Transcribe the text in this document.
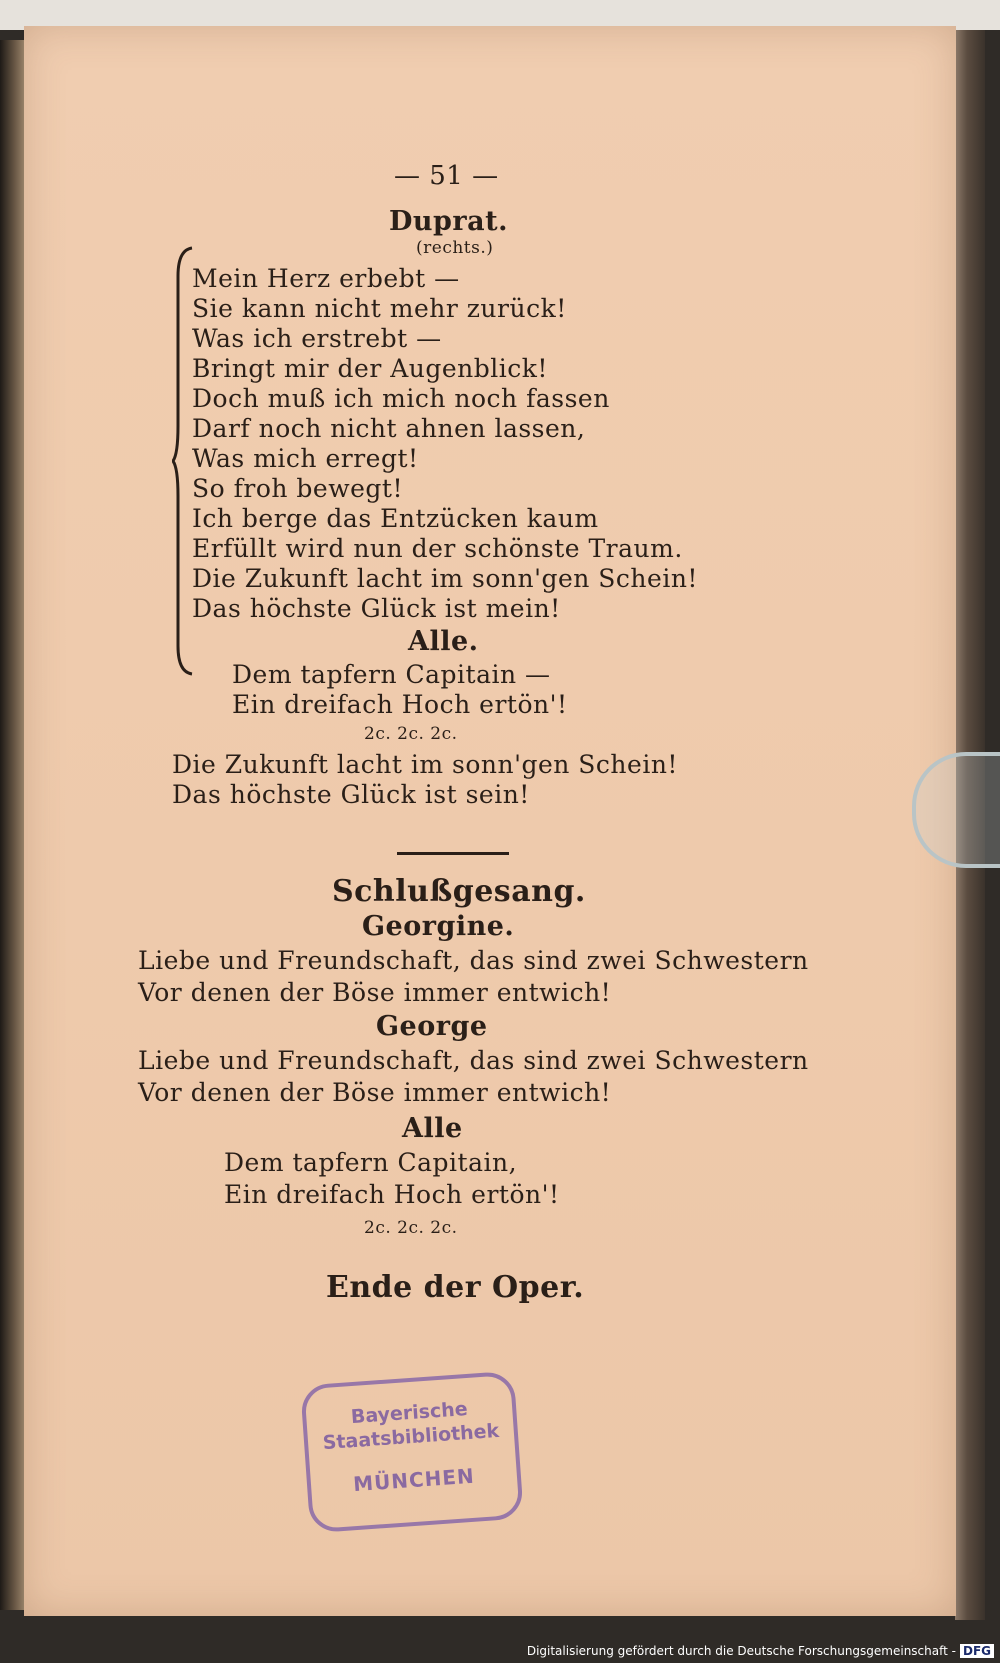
— 51 —
Duprat.
(rechts.)
Mein Herz erbebt —
Sie kann nicht mehr zurück!
Was ich erstrebt —
Bringt mir der Augenblick!
Doch muß ich mich noch fassen
Darf noch nicht ahnen lassen,
Was mich erregt!
So froh bewegt!
Ich berge das Entzücken kaum
Erfüllt wird nun der schönste Traum.
Die Zukunft lacht im sonn'gen Schein!
Das höchste Glück ist mein!
Alle.
Dem tapfern Capitain —
Ein dreifach Hoch ertön'!
2c. 2c. 2c.
Die Zukunft lacht im sonn'gen Schein!
Das höchste Glück ist sein!
Schlußgesang.
Georgine.
Liebe und Freundschaft, das sind zwei Schwestern
Vor denen der Böse immer entwich!
George
Liebe und Freundschaft, das sind zwei Schwestern
Vor denen der Böse immer entwich!
Alle
Dem tapfern Capitain,
Ein dreifach Hoch ertön'!
2c. 2c. 2c.
Ende der Oper.
Bayerische
Staatsbibliothek
MÜNCHEN
Digitalisierung gefördert durch die Deutsche Forschungsgemeinschaft - DFG
